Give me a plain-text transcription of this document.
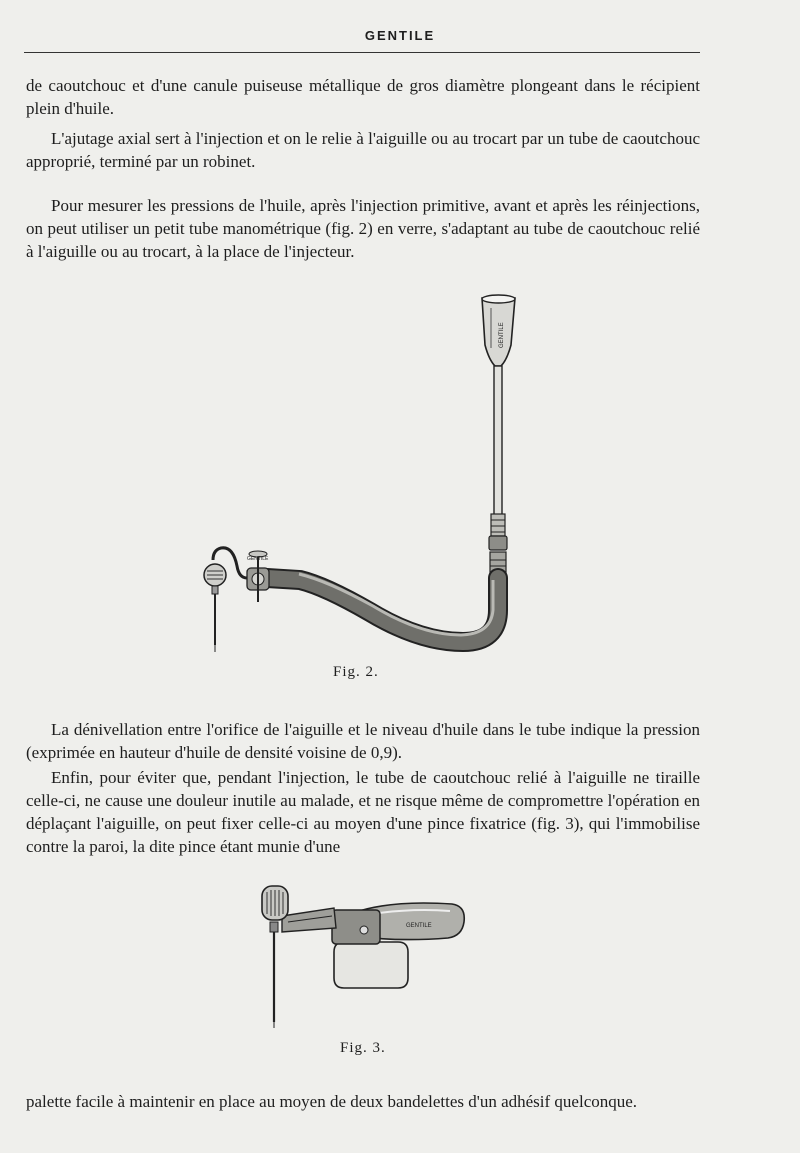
GENTILE

de caoutchouc et d'une canule puiseuse métallique de gros diamètre plongeant dans le récipient plein d'huile.

L'ajutage axial sert à l'injection et on le relie à l'aiguille ou au trocart par un tube de caoutchouc approprié, terminé par un robinet.

Pour mesurer les pressions de l'huile, après l'injection primitive, avant et après les réinjections, on peut utiliser un petit tube manométrique (fig. 2) en verre, s'adaptant au tube de caoutchouc relié à l'aiguille ou au trocart, à la place de l'injecteur.

GENTILE
GENTILE
Fig. 2.

La dénivellation entre l'orifice de l'aiguille et le niveau d'huile dans le tube indique la pression (exprimée en hauteur d'huile de densité voisine de 0,9).

Enfin, pour éviter que, pendant l'injection, le tube de caoutchouc relié à l'aiguille ne tiraille celle-ci, ne cause une douleur inutile au malade, et ne risque même de compromettre l'opération en déplaçant l'aiguille, on peut fixer celle-ci au moyen d'une pince fixatrice (fig. 3), qui l'immobilise contre la paroi, la dite pince étant munie d'une

GENTILE
Fig. 3.

palette facile à maintenir en place au moyen de deux bandelettes d'un adhésif quelconque.
